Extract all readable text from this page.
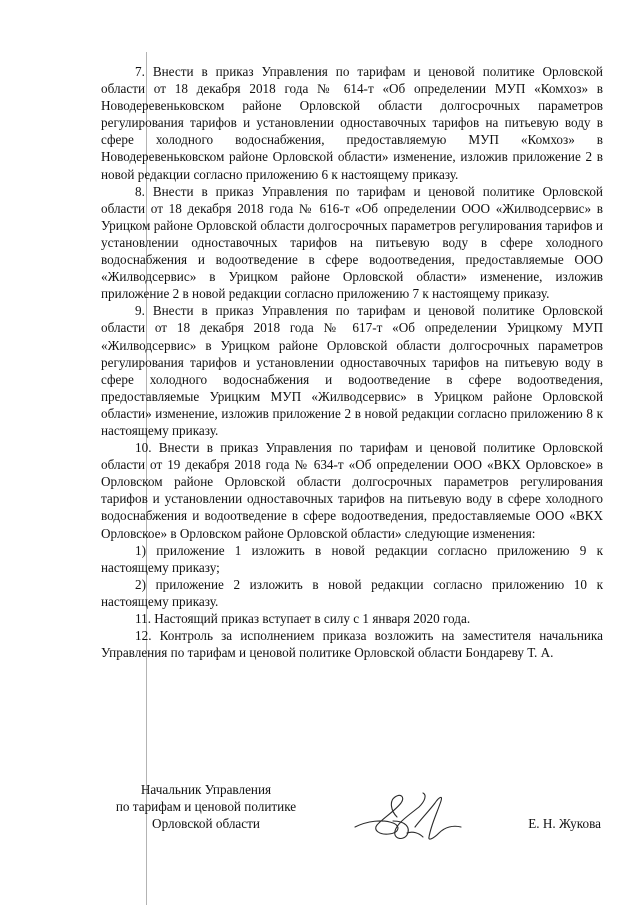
7. Внести в приказ Управления по тарифам и ценовой политике Орловской области от 18 декабря 2018 года № 614-т «Об определении МУП «Комхоз» в Новодеревеньковском районе Орловской области долгосрочных параметров регулирования тарифов и установлении одноставочных тарифов на питьевую воду в сфере холодного водоснабжения, предоставляемую МУП «Комхоз» в Новодеревеньковском районе Орловской области» изменение, изложив приложение 2 в новой редакции согласно приложению 6 к настоящему приказу.

8. Внести в приказ Управления по тарифам и ценовой политике Орловской области от 18 декабря 2018 года № 616-т «Об определении ООО «Жилводсервис» в Урицком районе Орловской области долгосрочных параметров регулирования тарифов и установлении одноставочных тарифов на питьевую воду в сфере холодного водоснабжения и водоотведение в сфере водоотведения, предоставляемые ООО «Жилводсервис» в Урицком районе Орловской области» изменение, изложив приложение 2 в новой редакции согласно приложению 7 к настоящему приказу.

9. Внести в приказ Управления по тарифам и ценовой политике Орловской области от 18 декабря 2018 года № 617-т «Об определении Урицкому МУП «Жилводсервис» в Урицком районе Орловской области долгосрочных параметров регулирования тарифов и установлении одноставочных тарифов на питьевую воду в сфере холодного водоснабжения и водоотведение в сфере водоотведения, предоставляемые Урицким МУП «Жилводсервис» в Урицком районе Орловской области» изменение, изложив приложение 2 в новой редакции согласно приложению 8 к настоящему приказу.

10. Внести в приказ Управления по тарифам и ценовой политике Орловской области от 19 декабря 2018 года № 634-т «Об определении ООО «ВКХ Орловское» в Орловском районе Орловской области долгосрочных параметров регулирования тарифов и установлении одноставочных тарифов на питьевую воду в сфере холодного водоснабжения и водоотведение в сфере водоотведения, предоставляемые ООО «ВКХ Орловское» в Орловском районе Орловской области» следующие изменения:

1) приложение 1 изложить в новой редакции согласно приложению 9 к настоящему приказу;

2) приложение 2 изложить в новой редакции согласно приложению 10 к настоящему приказу.

11. Настоящий приказ вступает в силу с 1 января 2020 года.

12. Контроль за исполнением приказа возложить на заместителя начальника Управления по тарифам и ценовой политике Орловской области Бондареву Т. А.

Начальник Управления
по тарифам и ценовой политике
Орловской области	Е. Н. Жукова
